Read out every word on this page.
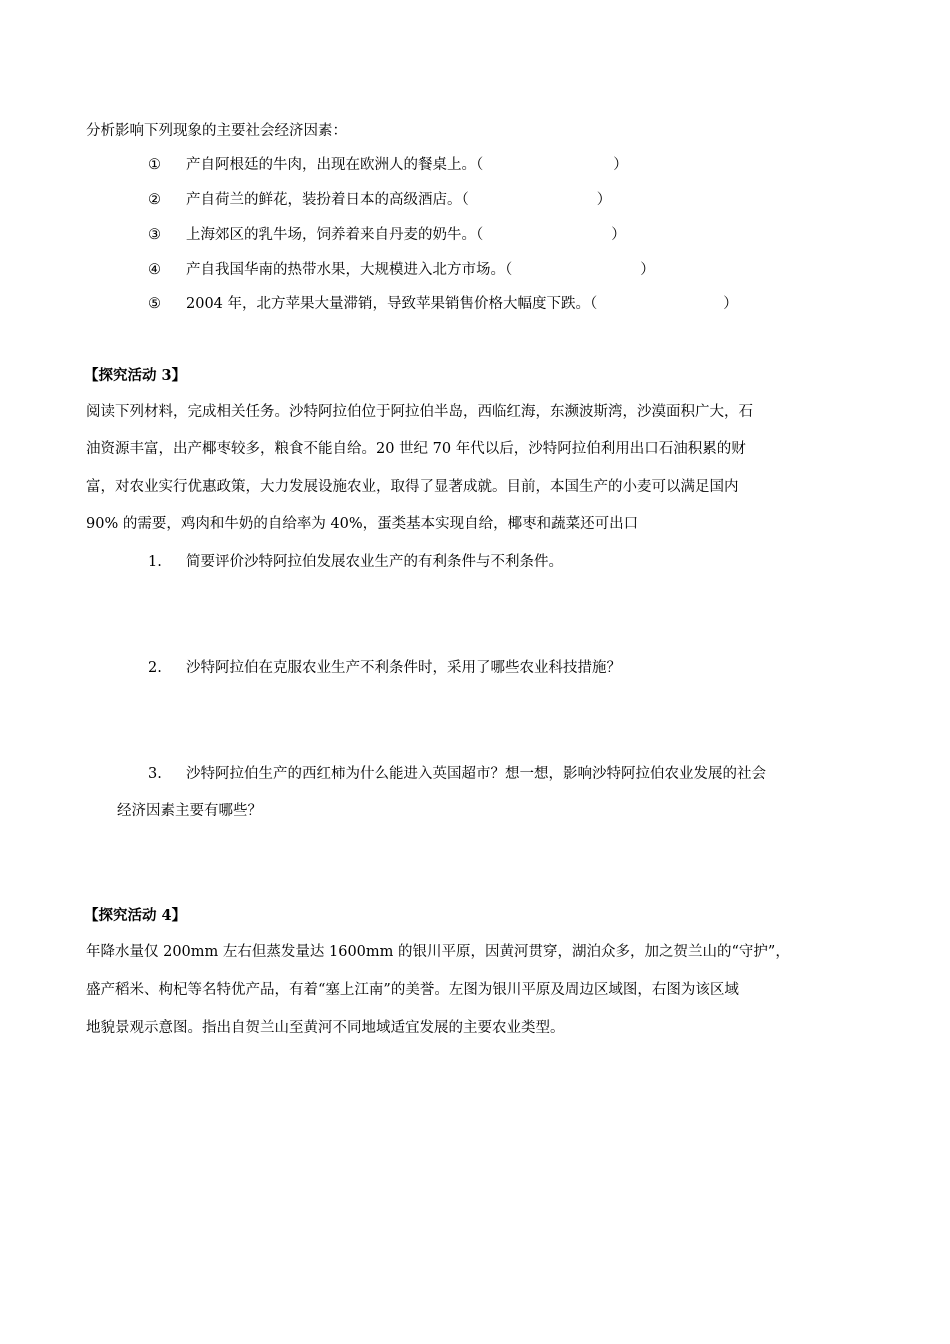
分析影响下列现象的主要社会经济因素：
① 产自阿根廷的牛肉，出现在欧洲人的餐桌上。（	）
② 产自荷兰的鲜花，装扮着日本的高级酒店。（	）
③ 上海郊区的乳牛场，饲养着来自丹麦的奶牛。（	）
④ 产自我国华南的热带水果，大规模进入北方市场。（	）
⑤ 2004 年，北方苹果大量滞销，导致苹果销售价格大幅度下跌。（	）
【探究活动 3】
阅读下列材料，完成相关任务。沙特阿拉伯位于阿拉伯半岛，西临红海，东濒波斯湾，沙漠面积广大，石
油资源丰富，出产椰枣较多，粮食不能自给。20 世纪 70 年代以后，沙特阿拉伯利用出口石油积累的财
富，对农业实行优惠政策，大力发展设施农业，取得了显著成就。目前，本国生产的小麦可以满足国内
90% 的需要，鸡肉和牛奶的自给率为 40%，蛋类基本实现自给，椰枣和蔬菜还可出口
1. 简要评价沙特阿拉伯发展农业生产的有利条件与不利条件。
2. 沙特阿拉伯在克服农业生产不利条件时，采用了哪些农业科技措施？
3. 沙特阿拉伯生产的西红柿为什么能进入英国超市？想一想，影响沙特阿拉伯农业发展的社会
经济因素主要有哪些？
【探究活动 4】
年降水量仅 200mm 左右但蒸发量达 1600mm 的银川平原，因黄河贯穿，湖泊众多，加之贺兰山的“守护”，
盛产稻米、枸杞等名特优产品，有着“塞上江南”的美誉。左图为银川平原及周边区域图，右图为该区域
地貌景观示意图。指出自贺兰山至黄河不同地域适宜发展的主要农业类型。
